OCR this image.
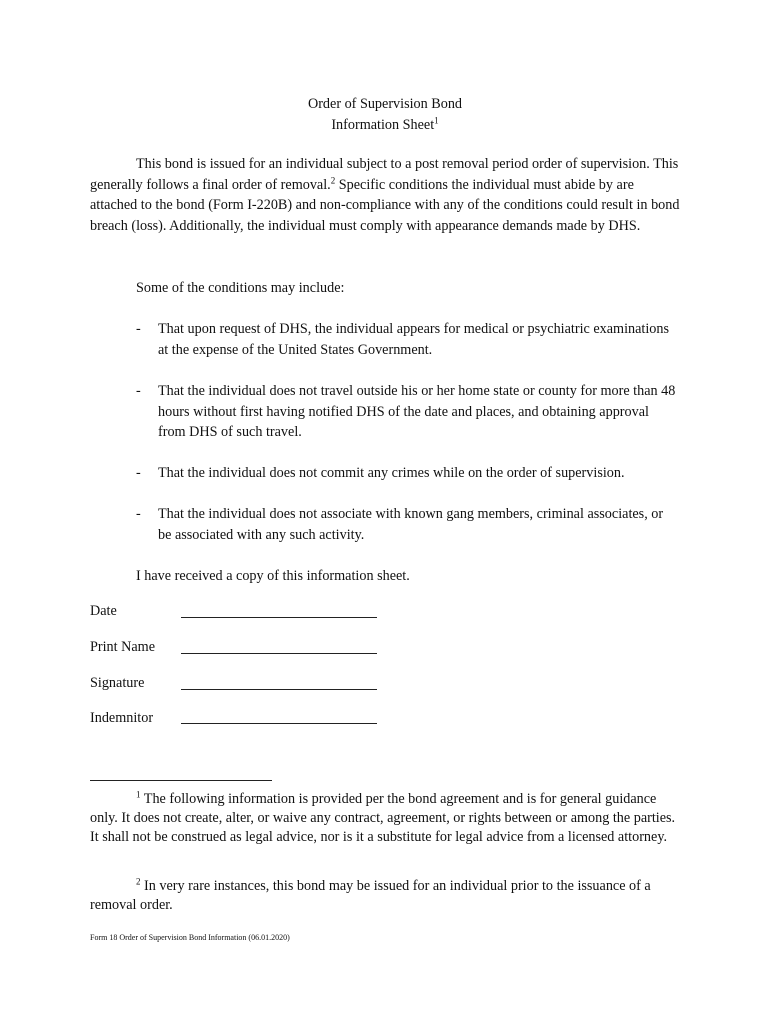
Order of Supervision Bond
Information Sheet$^1$
This bond is issued for an individual subject to a post removal period order of supervision. This generally follows a final order of removal.$^2$ Specific conditions the individual must abide by are attached to the bond (Form I-220B) and non-compliance with any of the conditions could result in bond breach (loss). Additionally, the individual must comply with appearance demands made by DHS.
Some of the conditions may include:
- That upon request of DHS, the individual appears for medical or psychiatric examinations at the expense of the United States Government.
- That the individual does not travel outside his or her home state or county for more than 48 hours without first having notified DHS of the date and places, and obtaining approval from DHS of such travel.
- That the individual does not commit any crimes while on the order of supervision.
- That the individual does not associate with known gang members, criminal associates, or be associated with any such activity.
I have received a copy of this information sheet.
Date
Print Name
Signature
Indemnitor
$^1$ The following information is provided per the bond agreement and is for general guidance only. It does not create, alter, or waive any contract, agreement, or rights between or among the parties. It shall not be construed as legal advice, nor is it a substitute for legal advice from a licensed attorney.
$^2$ In very rare instances, this bond may be issued for an individual prior to the issuance of a removal order.
Form 18 Order of Supervision Bond Information (06.01.2020)
